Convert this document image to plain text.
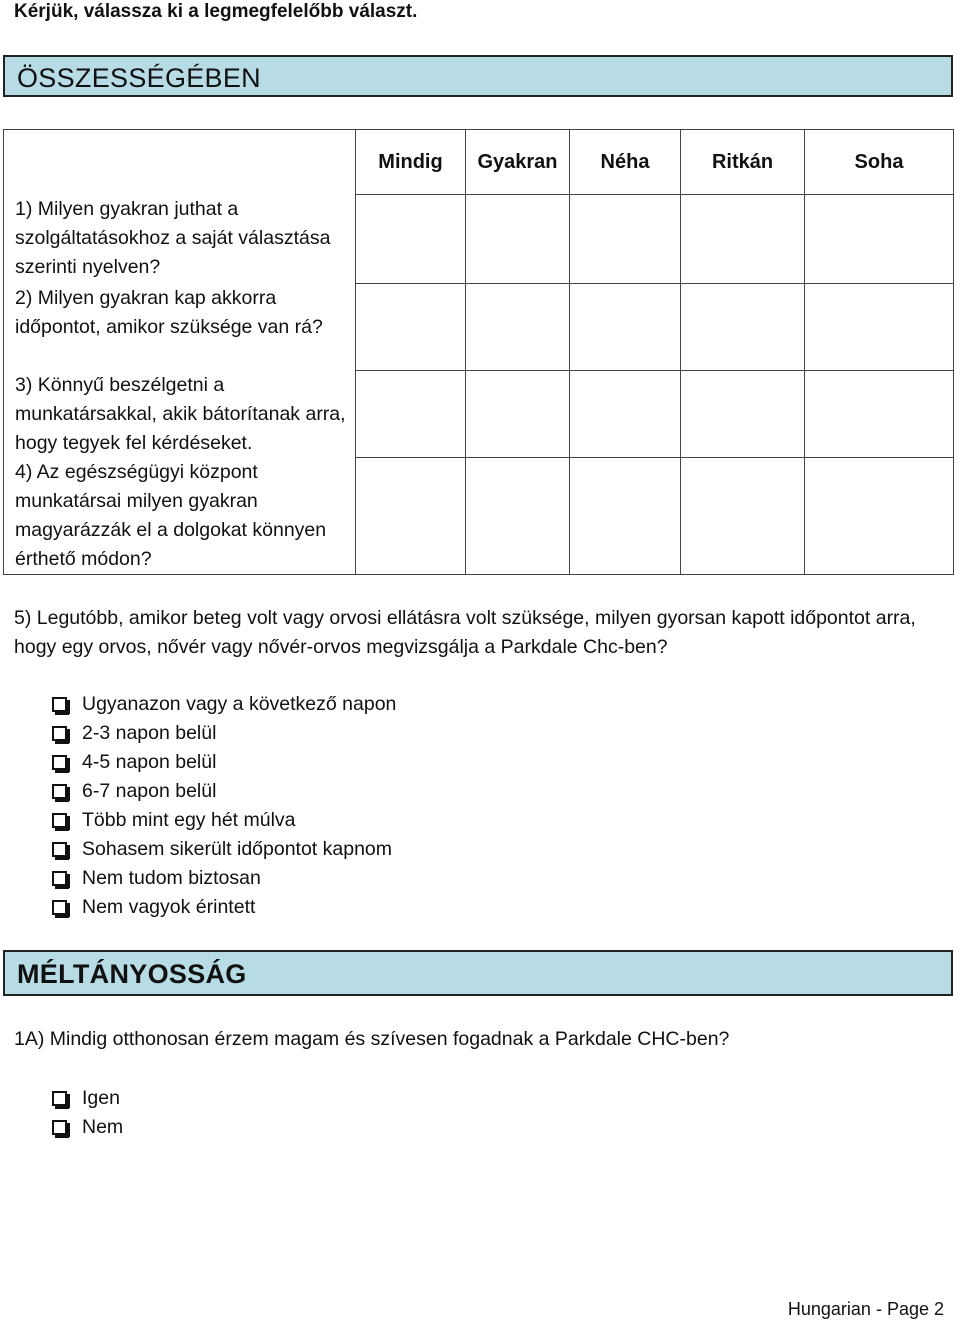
Kérjük, válassza ki a legmegfelelőbb választ.
ÖSSZESSÉGÉBEN
	Mindig	Gyakran	Néha	Ritkán	Soha

1) Milyen gyakran juthat a szolgáltatásokhoz a saját választása szerinti nyelven?					

2) Milyen gyakran kap akkorra időpontot, amikor szüksége van rá?					
3) Könnyű beszélgetni a munkatársakkal, akik bátorítanak arra, hogy tegyek fel kérdéseket.					
4) Az egészségügyi központ munkatársai milyen gyakran magyarázzák el a dolgokat könnyen érthető módon?					
5) Legutóbb, amikor beteg volt vagy orvosi ellátásra volt szüksége, milyen gyorsan kapott időpontot arra, hogy egy orvos, nővér vagy nővér-orvos megvizsgálja a Parkdale Chc-ben?
Ugyanazon vagy a következő napon
2-3 napon belül
4-5 napon belül
6-7 napon belül
Több mint egy hét múlva
Sohasem sikerült időpontot kapnom
Nem tudom biztosan
Nem vagyok érintett
MÉLTÁNYOSSÁG
1A) Mindig otthonosan érzem magam és szívesen fogadnak a Parkdale CHC-ben?
Igen
Nem
Hungarian - Page 2
